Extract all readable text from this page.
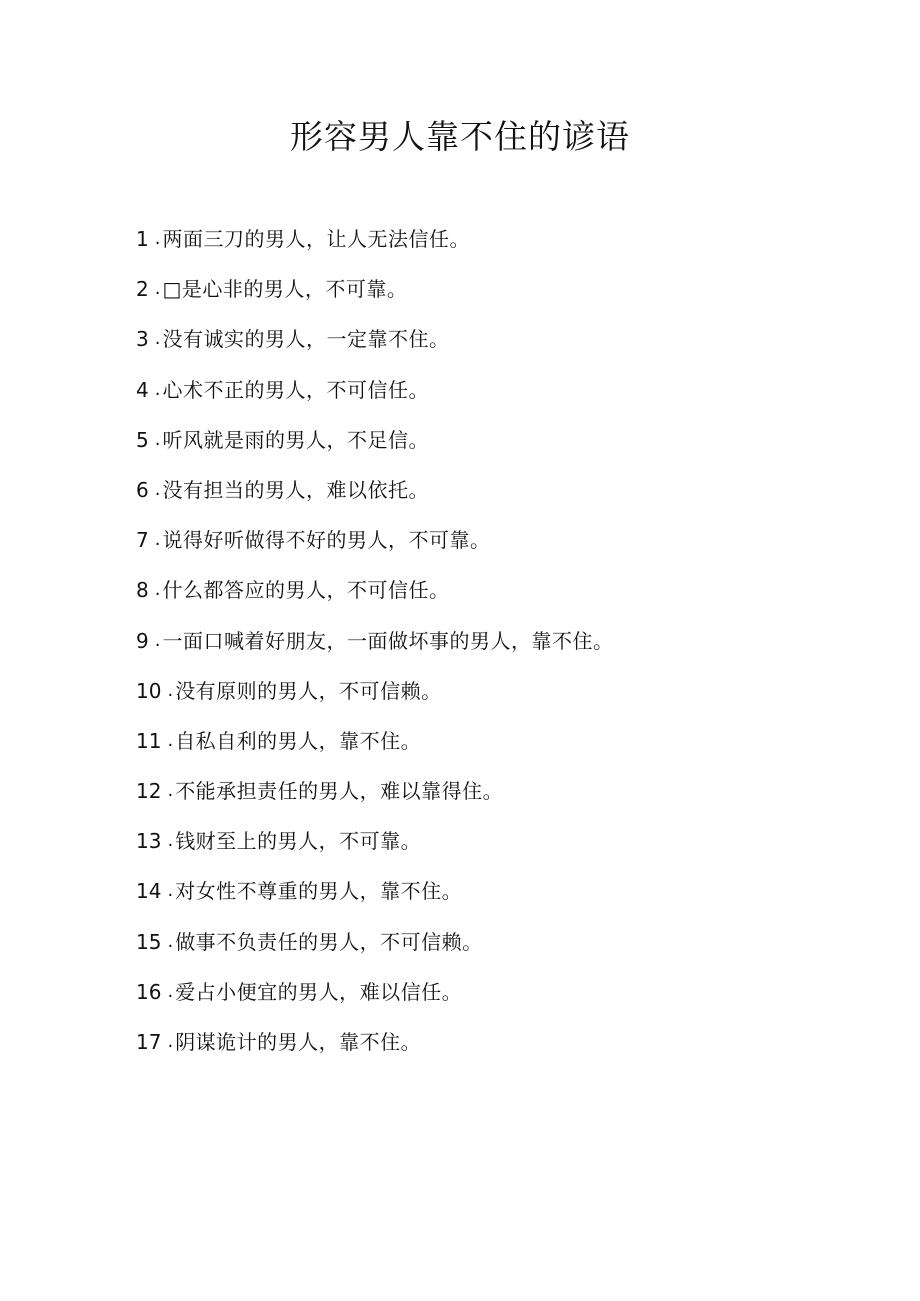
形容男人靠不住的谚语
1 . 两面三刀的男人，让人无法信任。
2 . □是心非的男人，不可靠。
3 . 没有诚实的男人，一定靠不住。
4 . 心术不正的男人，不可信任。
5 . 听风就是雨的男人，不足信。
6 . 没有担当的男人，难以依托。
7 . 说得好听做得不好的男人，不可靠。
8 . 什么都答应的男人，不可信任。
9 . 一面口喊着好朋友，一面做坏事的男人，靠不住。
10 . 没有原则的男人，不可信赖。
11 . 自私自利的男人，靠不住。
12 . 不能承担责任的男人，难以靠得住。
13 . 钱财至上的男人，不可靠。
14 . 对女性不尊重的男人，靠不住。
15 . 做事不负责任的男人，不可信赖。
16 . 爱占小便宜的男人，难以信任。
17 . 阴谋诡计的男人，靠不住。
